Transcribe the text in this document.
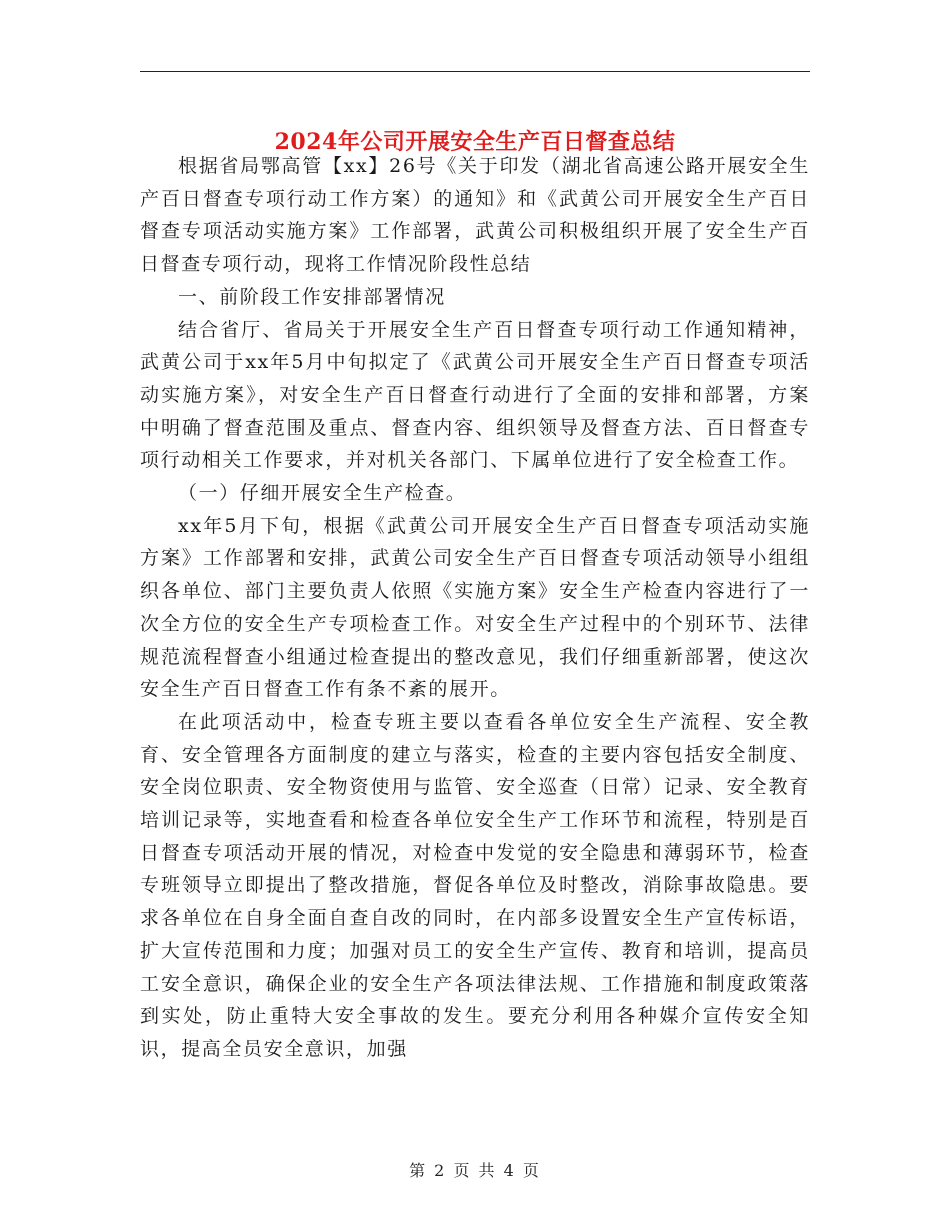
2024年公司开展安全生产百日督查总结

根据省局鄂高管【xx】26号《关于印发（湖北省高速公路开展安全生产百日督查专项行动工作方案）的通知》和《武黄公司开展安全生产百日督查专项活动实施方案》工作部署，武黄公司积极组织开展了安全生产百日督查专项行动，现将工作情况阶段性总结

一、前阶段工作安排部署情况

结合省厅、省局关于开展安全生产百日督查专项行动工作通知精神，武黄公司于xx年5月中旬拟定了《武黄公司开展安全生产百日督查专项活动实施方案》，对安全生产百日督查行动进行了全面的安排和部署，方案中明确了督查范围及重点、督查内容、组织领导及督查方法、百日督查专项行动相关工作要求，并对机关各部门、下属单位进行了安全检查工作。

（一）仔细开展安全生产检查。

xx年5月下旬，根据《武黄公司开展安全生产百日督查专项活动实施方案》工作部署和安排，武黄公司安全生产百日督查专项活动领导小组组织各单位、部门主要负责人依照《实施方案》安全生产检查内容进行了一次全方位的安全生产专项检查工作。对安全生产过程中的个别环节、法律规范流程督查小组通过检查提出的整改意见，我们仔细重新部署，使这次安全生产百日督查工作有条不紊的展开。

在此项活动中，检查专班主要以查看各单位安全生产流程、安全教育、安全管理各方面制度的建立与落实，检查的主要内容包括安全制度、安全岗位职责、安全物资使用与监管、安全巡查（日常）记录、安全教育培训记录等，实地查看和检查各单位安全生产工作环节和流程，特别是百日督查专项活动开展的情况，对检查中发觉的安全隐患和薄弱环节，检查专班领导立即提出了整改措施，督促各单位及时整改，消除事故隐患。要求各单位在自身全面自查自改的同时，在内部多设置安全生产宣传标语，扩大宣传范围和力度；加强对员工的安全生产宣传、教育和培训，提高员工安全意识，确保企业的安全生产各项法律法规、工作措施和制度政策落到实处，防止重特大安全事故的发生。要充分利用各种媒介宣传安全知识，提高全员安全意识，加强

第 2 页 共 4 页
